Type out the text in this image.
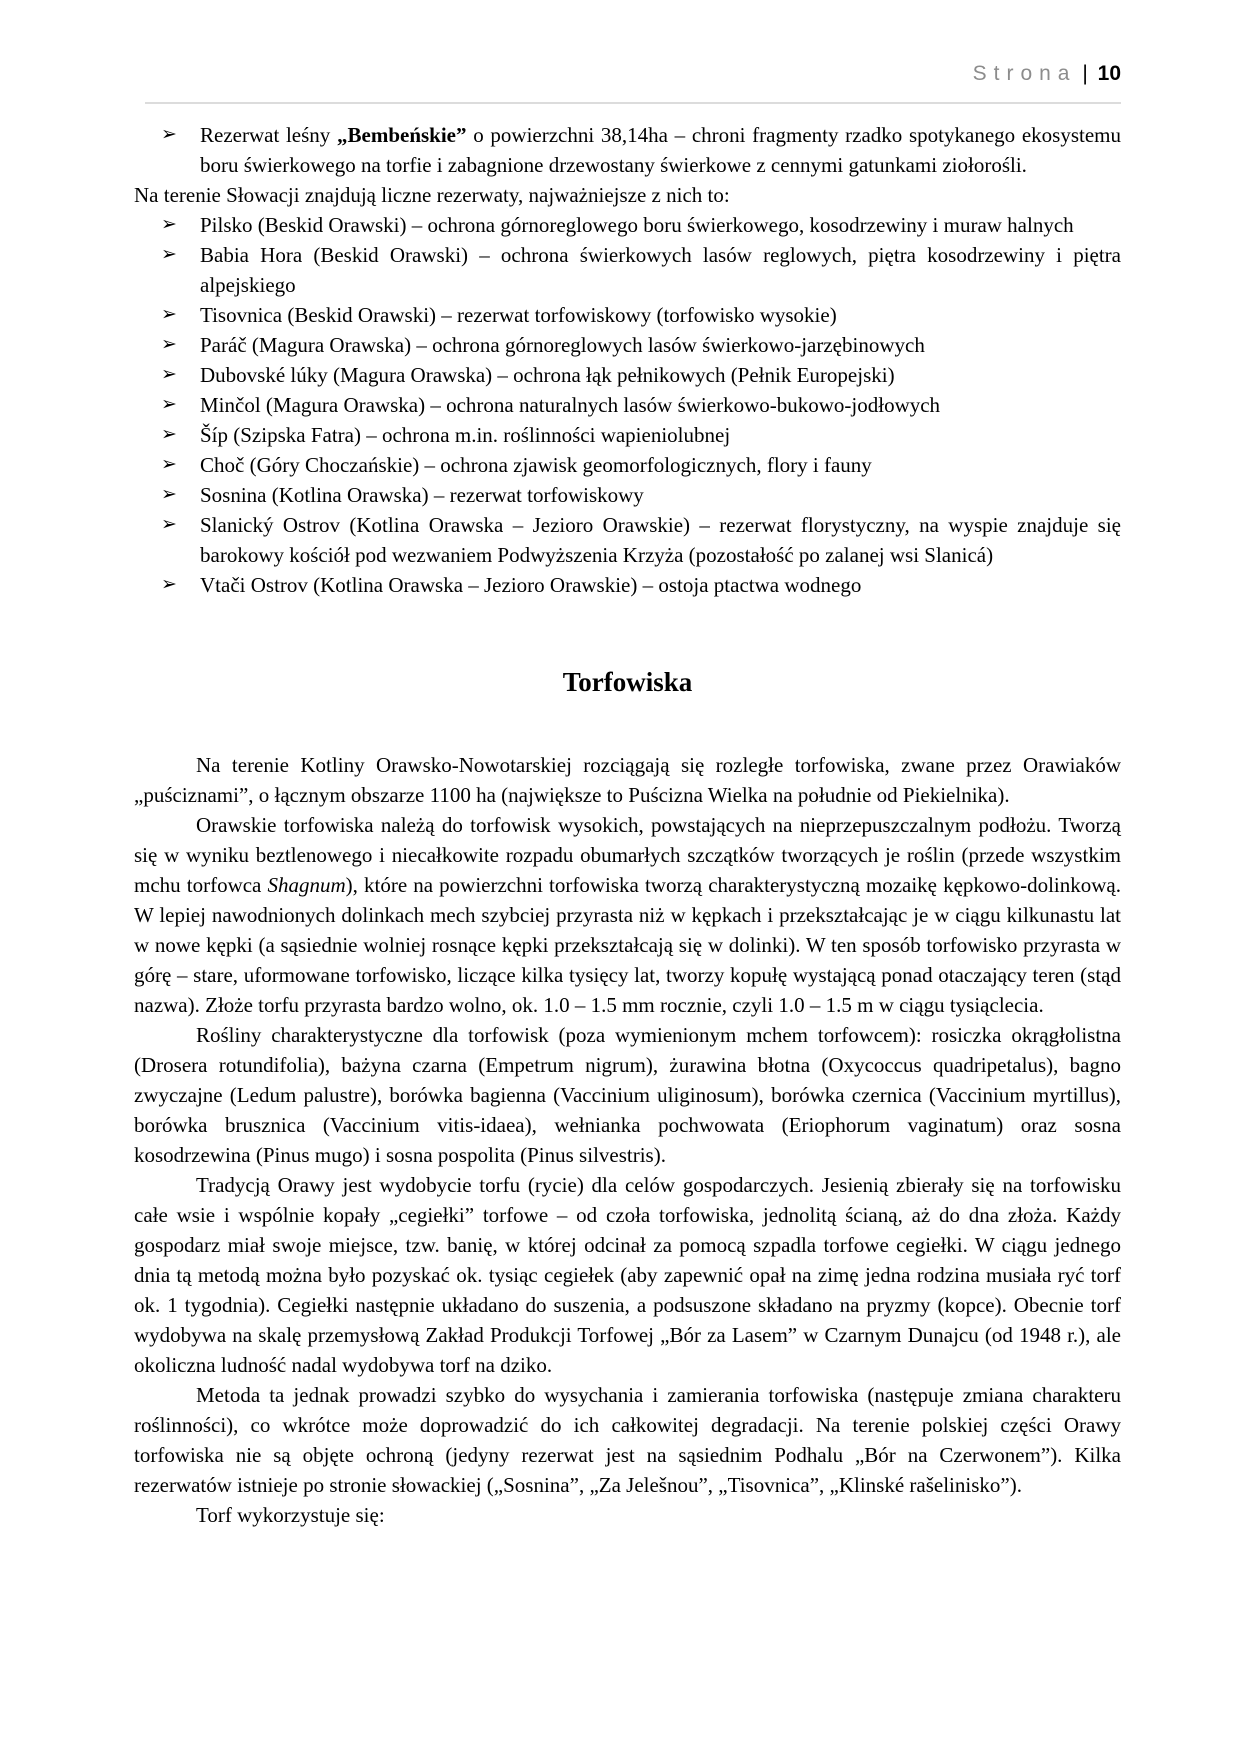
Strona | 10
➢	Rezerwat leśny „Bembeńskie” o powierzchni 38,14ha – chroni fragmenty rzadko spotykanego ekosystemu boru świerkowego na torfie i zabagnione drzewostany świerkowe z cennymi gatunkami ziołorośli.

Na terenie Słowacji znajdują liczne rezerwaty, najważniejsze z nich to:

➢	Pilsko (Beskid Orawski) – ochrona górnoreglowego boru świerkowego, kosodrzewiny i muraw halnych
➢	Babia Hora (Beskid Orawski) – ochrona świerkowych lasów reglowych, piętra kosodrzewiny i piętra alpejskiego
➢	Tisovnica (Beskid Orawski) – rezerwat torfowiskowy (torfowisko wysokie)
➢	Paráč (Magura Orawska) – ochrona górnoreglowych lasów świerkowo-jarzębinowych
➢	Dubovské lúky (Magura Orawska) – ochrona łąk pełnikowych (Pełnik Europejski)
➢	Minčol (Magura Orawska) – ochrona naturalnych lasów świerkowo-bukowo-jodłowych
➢	Šíp (Szipska Fatra) – ochrona m.in. roślinności wapieniolubnej
➢	Choč (Góry Choczańskie) – ochrona zjawisk geomorfologicznych, flory i fauny
➢	Sosnina (Kotlina Orawska) – rezerwat torfowiskowy
➢	Slanický Ostrov (Kotlina Orawska – Jezioro Orawskie) – rezerwat florystyczny, na wyspie znajduje się barokowy kościół pod wezwaniem Podwyższenia Krzyża (pozostałość po zalanej wsi Slanicá)
➢	Vtači Ostrov (Kotlina Orawska – Jezioro Orawskie) – ostoja ptactwa wodnego
Torfowiska

Na terenie Kotliny Orawsko-Nowotarskiej rozciągają się rozległe torfowiska, zwane przez Orawiaków „puściznami”, o łącznym obszarze 1100 ha (największe to Puścizna Wielka na południe od Piekielnika).

Orawskie torfowiska należą do torfowisk wysokich, powstających na nieprzepuszczalnym podłożu. Tworzą się w wyniku beztlenowego i niecałkowite rozpadu obumarłych szczątków tworzących je roślin (przede wszystkim mchu torfowca Shagnum), które na powierzchni torfowiska tworzą charakterystyczną mozaikę kępkowo-dolinkową. W lepiej nawodnionych dolinkach mech szybciej przyrasta niż w kępkach i przekształcając je w ciągu kilkunastu lat w nowe kępki (a sąsiednie wolniej rosnące kępki przekształcają się w dolinki). W ten sposób torfowisko przyrasta w górę – stare, uformowane torfowisko, liczące kilka tysięcy lat, tworzy kopułę wystającą ponad otaczający teren (stąd nazwa). Złoże torfu przyrasta bardzo wolno, ok. 1.0 – 1.5 mm rocznie, czyli 1.0 – 1.5 m w ciągu tysiąclecia.

Rośliny charakterystyczne dla torfowisk (poza wymienionym mchem torfowcem): rosiczka okrągłolistna (Drosera rotundifolia), bażyna czarna (Empetrum nigrum), żurawina błotna (Oxycoccus quadripetalus), bagno zwyczajne (Ledum palustre), borówka bagienna (Vaccinium uliginosum), borówka czernica (Vaccinium myrtillus), borówka brusznica (Vaccinium vitis-idaea), wełnianka pochwowata (Eriophorum vaginatum) oraz sosna kosodrzewina (Pinus mugo) i sosna pospolita (Pinus silvestris).

Tradycją Orawy jest wydobycie torfu (rycie) dla celów gospodarczych. Jesienią zbierały się na torfowisku całe wsie i wspólnie kopały „cegiełki” torfowe – od czoła torfowiska, jednolitą ścianą, aż do dna złoża. Każdy gospodarz miał swoje miejsce, tzw. banię, w której odcinał za pomocą szpadla torfowe cegiełki. W ciągu jednego dnia tą metodą można było pozyskać ok. tysiąc cegiełek (aby zapewnić opał na zimę jedna rodzina musiała ryć torf ok. 1 tygodnia). Cegiełki następnie układano do suszenia, a podsuszone składano na pryzmy (kopce). Obecnie torf wydobywa na skalę przemysłową Zakład Produkcji Torfowej „Bór za Lasem” w Czarnym Dunajcu (od 1948 r.), ale okoliczna ludność nadal wydobywa torf na dziko.

Metoda ta jednak prowadzi szybko do wysychania i zamierania torfowiska (następuje zmiana charakteru roślinności), co wkrótce może doprowadzić do ich całkowitej degradacji. Na terenie polskiej części Orawy torfowiska nie są objęte ochroną (jedyny rezerwat jest na sąsiednim Podhalu „Bór na Czerwonem”). Kilka rezerwatów istnieje po stronie słowackiej („Sosnina”, „Za Jelešnou”, „Tisovnica”, „Klinské rašelinisko”).

Torf wykorzystuje się:
